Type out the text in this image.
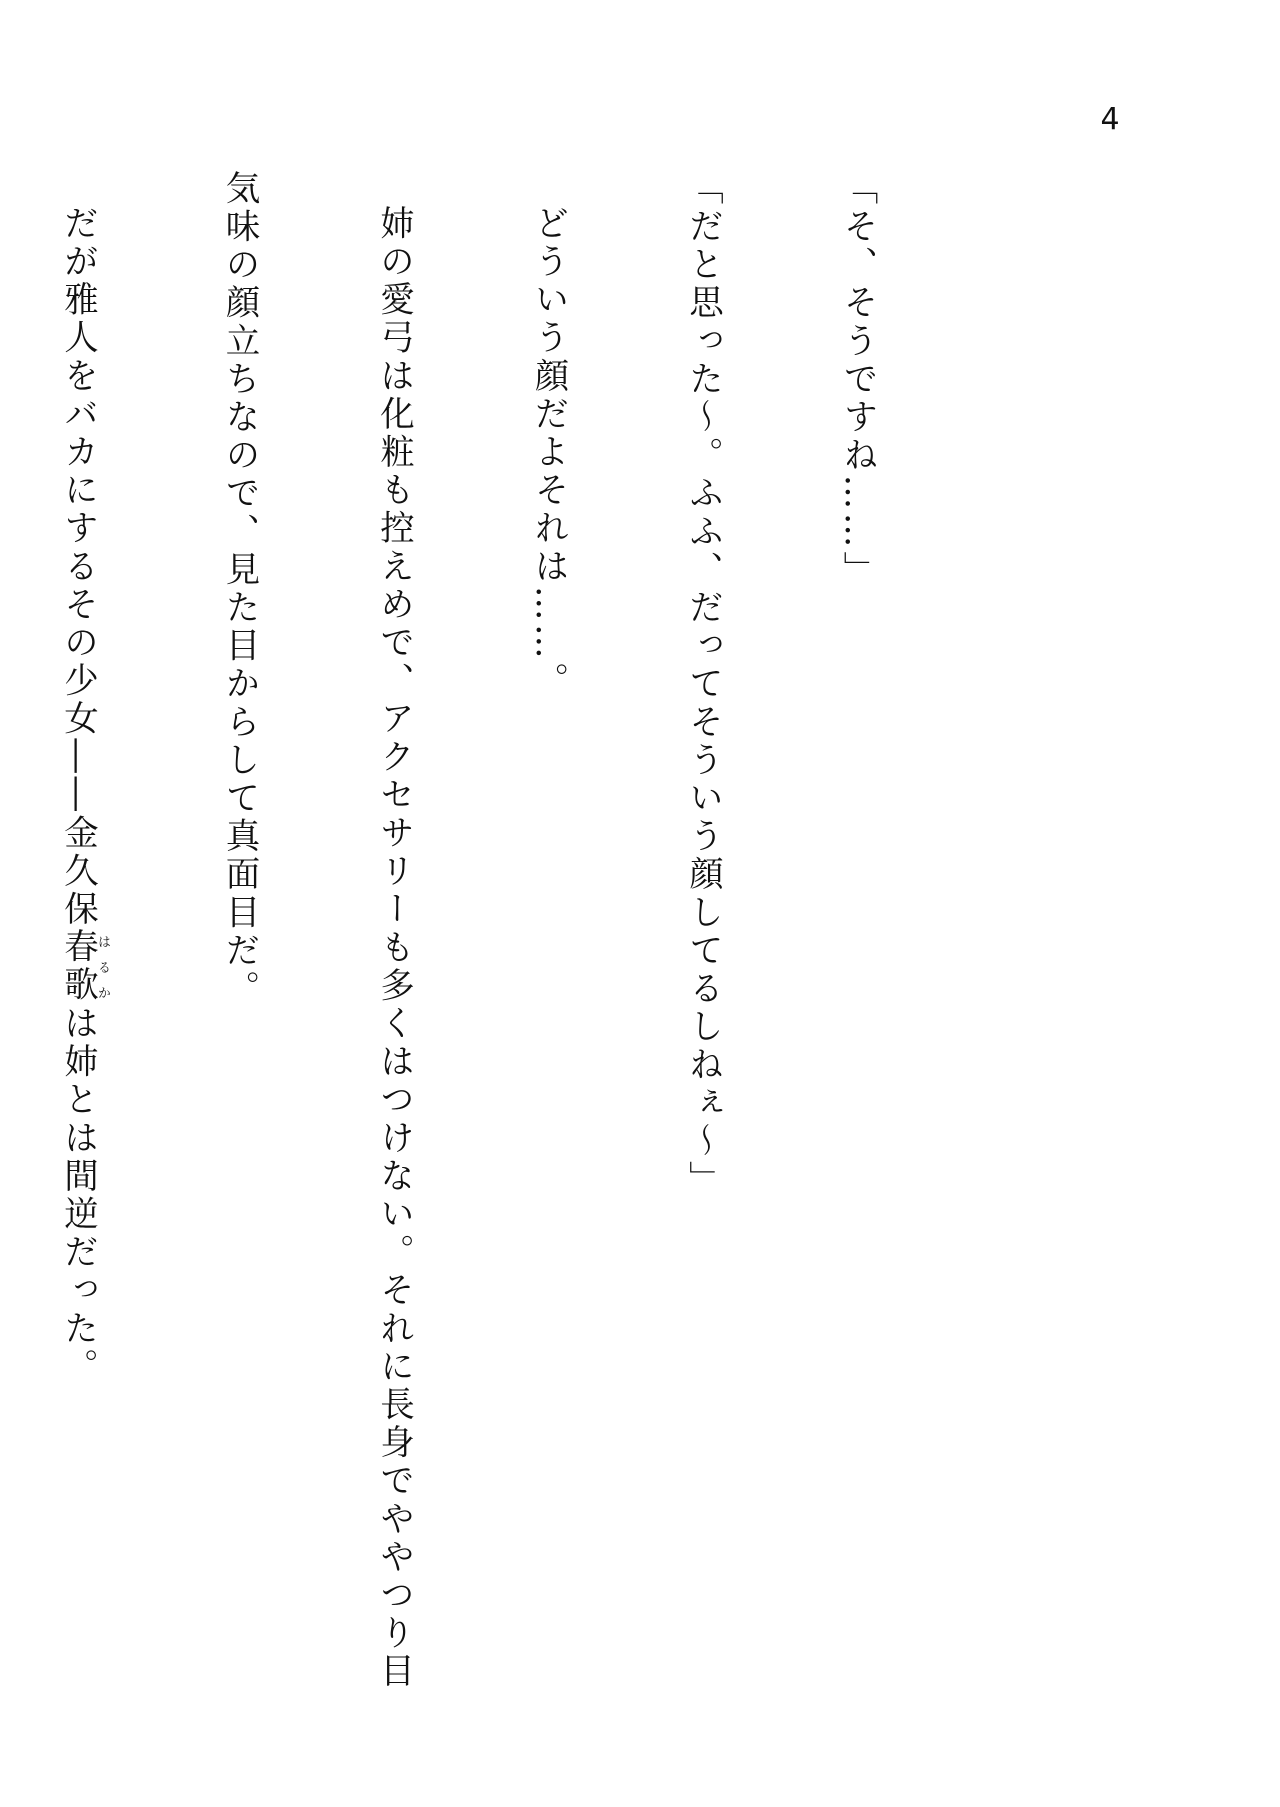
4

「そ、そうですね……」

「だと思った～。ふふ、だってそういう顔してるしねぇ～」

どういう顔だよそれは……。

姉の愛弓は化粧も控えめで、アクセサリーも多くはつけない。それに長身でややつり目

気味の顔立ちなので、見た目からして真面目だ。

だが雅人をバカにするその少女――金久保春歌はるかは姉とは間逆だった。
